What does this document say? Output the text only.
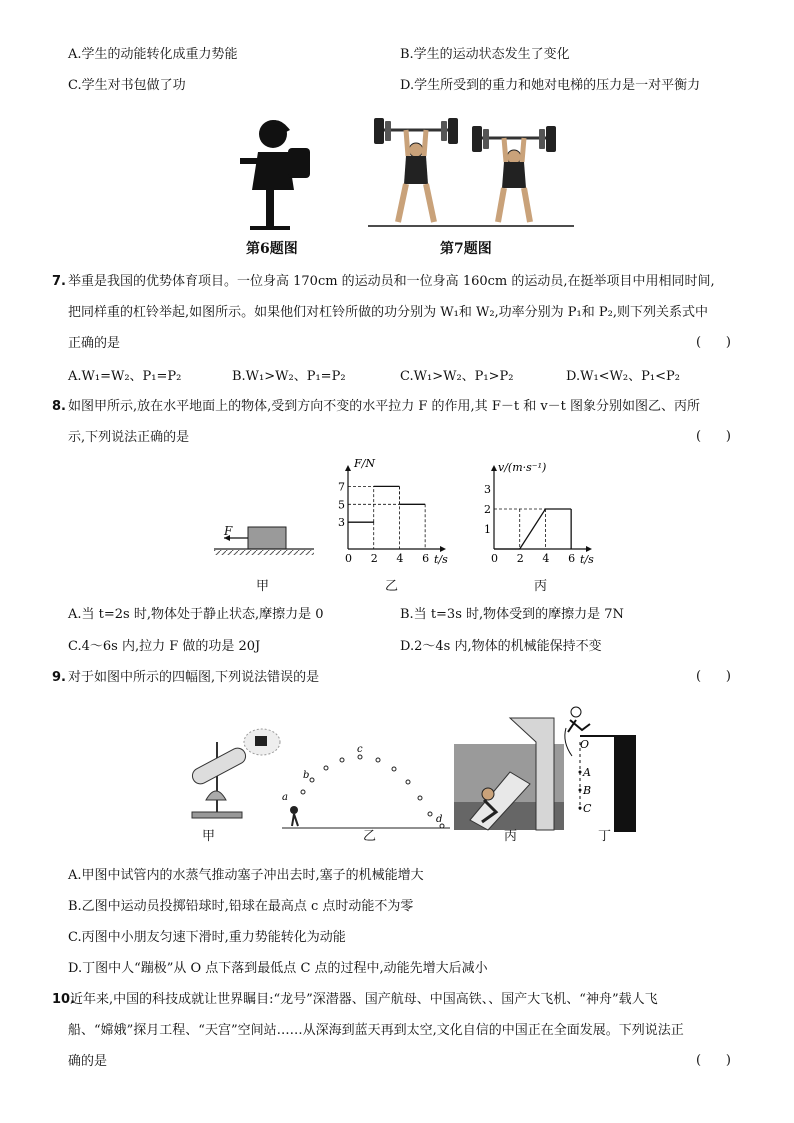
A.学生的动能转化成重力势能	B.学生的运动状态发生了变化
C.学生对书包做了功	D.学生所受到的重力和她对电梯的压力是一对平衡力
第6题图	第7题图
7. 举重是我国的优势体育项目。一位身高 170cm 的运动员和一位身高 160cm 的运动员,在挺举项目中用相同时间,
把同样重的杠铃举起,如图所示。如果他们对杠铃所做的功分别为 W₁和 W₂,功率分别为 P₁和 P₂,则下列关系式中
正确的是	(      )
A.W₁=W₂、P₁=P₂	B.W₁>W₂、P₁=P₂	C.W₁>W₂、P₁>P₂	D.W₁<W₂、P₁<P₂
8. 如图甲所示,放在水平地面上的物体,受到方向不变的水平拉力 F 的作用,其 F－t 和 v－t 图象分别如图乙、丙所
示,下列说法正确的是	(      )
F
甲
F/N
t/s
0 2 4 6
3
5
7
乙
v/(m·s⁻¹)
t/s
0 2 4 6
1
2
3
丙
A.当 t=2s 时,物体处于静止状态,摩擦力是 0	B.当 t=3s 时,物体受到的摩擦力是 7N
C.4～6s 内,拉力 F 做的功是 20J	D.2～4s 内,物体的机械能保持不变
9. 对于如图中所示的四幅图,下列说法错误的是	(      )
a
b
c
d
O
A
B
C
甲	乙	丙	丁
A.甲图中试管内的水蒸气推动塞子冲出去时,塞子的机械能增大
B.乙图中运动员投掷铅球时,铅球在最高点 c 点时动能不为零
C.丙图中小朋友匀速下滑时,重力势能转化为动能
D.丁图中人“蹦极”从 O 点下落到最低点 C 点的过程中,动能先增大后减小
10.
近年来,中国的科技成就让世界瞩目:“龙号”深潜器、国产航母、中国高铁、、国产大飞机、“神舟”载人飞
船、“嫦娥”探月工程、“天宫”空间站……从深海到蓝天再到太空,文化自信的中国正在全面发展。下列说法正
确的是	(      )
